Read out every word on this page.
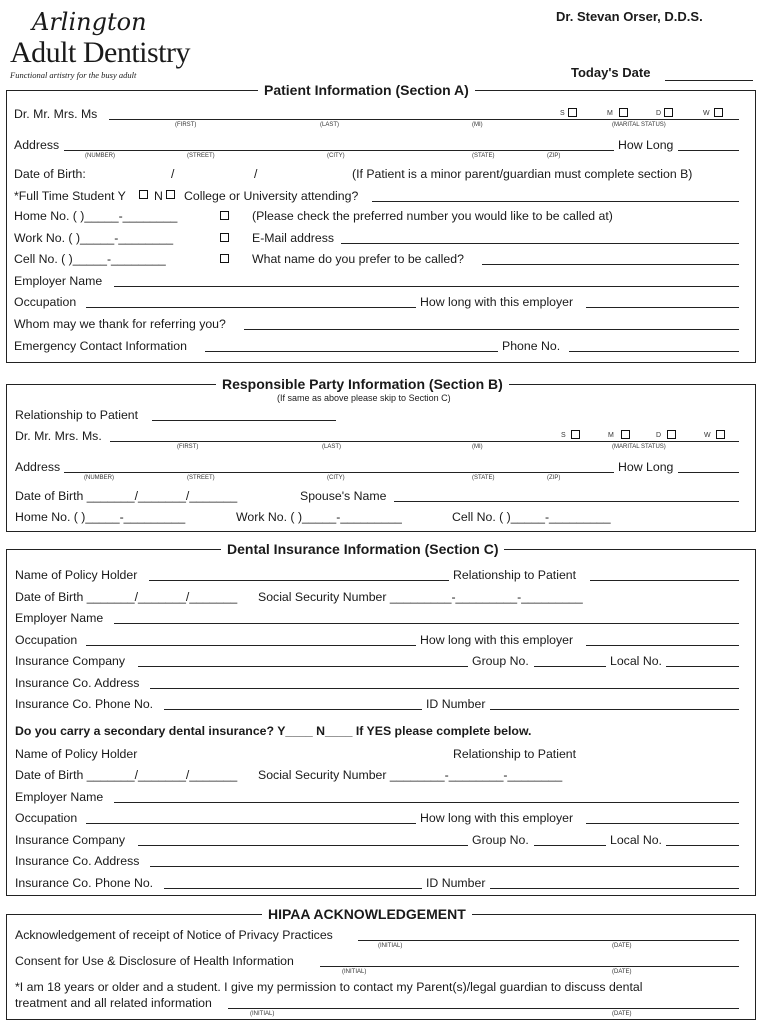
Arlington
Adult Dentistry
Functional artistry for the busy adult
Dr. Stevan Orser, D.D.S.
Today's Date
Patient Information (Section A)
Dr. Mr. Mrs. Ms
(FIRST)	(LAST)	(MI)	(MARITAL STATUS)
S	M	D	W
Address
(NUMBER)	(STREET)	(CITY)	(STATE)	(ZIP)
How Long
Date of Birth:	/	/	(If Patient is a minor parent/guardian must complete section B)
*Full Time Student Y N College or University attending?
Home No. ( )_____-________	(Please check the preferred number you would like to be called at)
Work No. ( )_____-________	E-Mail address
Cell No. ( )_____-________	What name do you prefer to be called?
Employer Name
Occupation	How long with this employer
Whom may we thank for referring you?
Emergency Contact Information	Phone No.
Responsible Party Information (Section B)
(If same as above please skip to Section C)
Relationship to Patient
Dr. Mr. Mrs. Ms.
(FIRST)	(LAST)	(MI)	(MARITAL STATUS)
S	M	D	W
Address
(NUMBER)	(STREET)	(CITY)	(STATE)	(ZIP)
How Long
Date of Birth _______/_______/_______	Spouse's Name
Home No. ( )_____-_________	Work No. ( )_____-_________	Cell No. ( )_____-_________
Dental Insurance Information (Section C)
Name of Policy Holder	Relationship to Patient
Date of Birth _______/_______/_______ Social Security Number _________-_________-_________
Employer Name
Occupation	How long with this employer
Insurance Company	Group No.	Local No.
Insurance Co. Address
Insurance Co. Phone No.	ID Number
Do you carry a secondary dental insurance? Y____ N____ If YES please complete below.
Name of Policy Holder	Relationship to Patient
Date of Birth _______/_______/_______ Social Security Number ________-________-________
Employer Name
Occupation	How long with this employer
Insurance Company	Group No.	Local No.
Insurance Co. Address
Insurance Co. Phone No.	ID Number
HIPAA ACKNOWLEDGEMENT
Acknowledgement of receipt of Notice of Privacy Practices
(INITIAL)	(DATE)
Consent for Use & Disclosure of Health Information
(INITIAL)	(DATE)
*I am 18 years or older and a student. I give my permission to contact my Parent(s)/legal guardian to discuss dental
treatment and all related information
(INITIAL)	(DATE)
